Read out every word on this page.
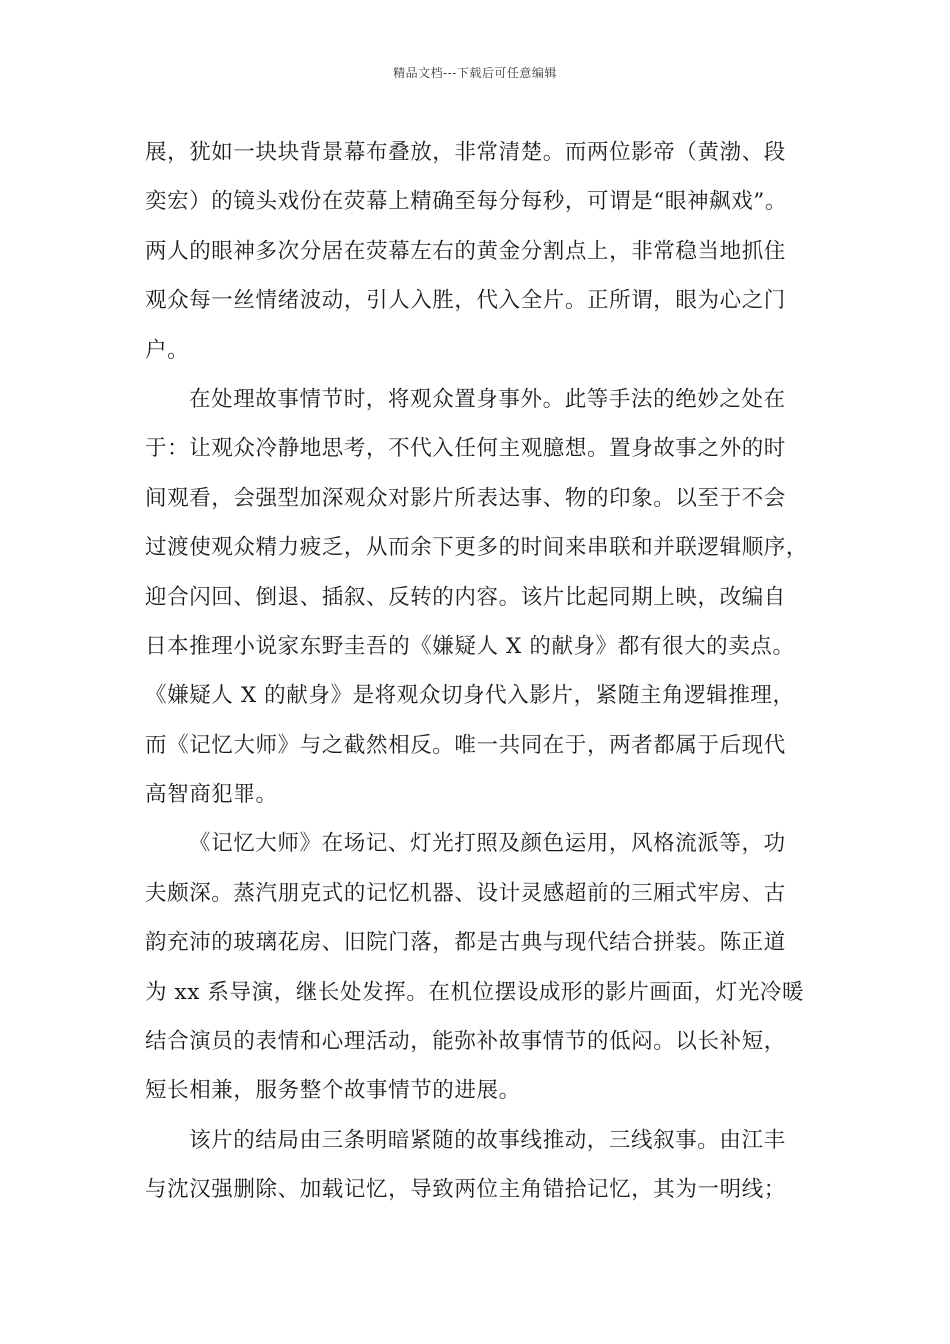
精品文档---下载后可任意编辑
展，犹如一块块背景幕布叠放，非常清楚。而两位影帝（黄渤、段
奕宏）的镜头戏份在荧幕上精确至每分每秒，可谓是“眼神飙戏”。
两人的眼神多次分居在荧幕左右的黄金分割点上，非常稳当地抓住
观众每一丝情绪波动，引人入胜，代入全片。正所谓，眼为心之门
户。
在处理故事情节时，将观众置身事外。此等手法的绝妙之处在
于：让观众冷静地思考，不代入任何主观臆想。置身故事之外的时
间观看，会强型加深观众对影片所表达事、物的印象。以至于不会
过渡使观众精力疲乏，从而余下更多的时间来串联和并联逻辑顺序，
迎合闪回、倒退、插叙、反转的内容。该片比起同期上映，改编自
日本推理小说家东野圭吾的《嫌疑人 X 的献身》都有很大的卖点。
《嫌疑人 X 的献身》是将观众切身代入影片，紧随主角逻辑推理，
而《记忆大师》与之截然相反。唯一共同在于，两者都属于后现代
高智商犯罪。
《记忆大师》在场记、灯光打照及颜色运用，风格流派等，功
夫颇深。蒸汽朋克式的记忆机器、设计灵感超前的三厢式牢房、古
韵充沛的玻璃花房、旧院门落，都是古典与现代结合拼装。陈正道
为 xx 系导演，继长处发挥。在机位摆设成形的影片画面，灯光冷暖
结合演员的表情和心理活动，能弥补故事情节的低闷。以长补短，
短长相兼，服务整个故事情节的进展。
该片的结局由三条明暗紧随的故事线推动，三线叙事。由江丰
与沈汉强删除、加载记忆，导致两位主角错拾记忆，其为一明线；
